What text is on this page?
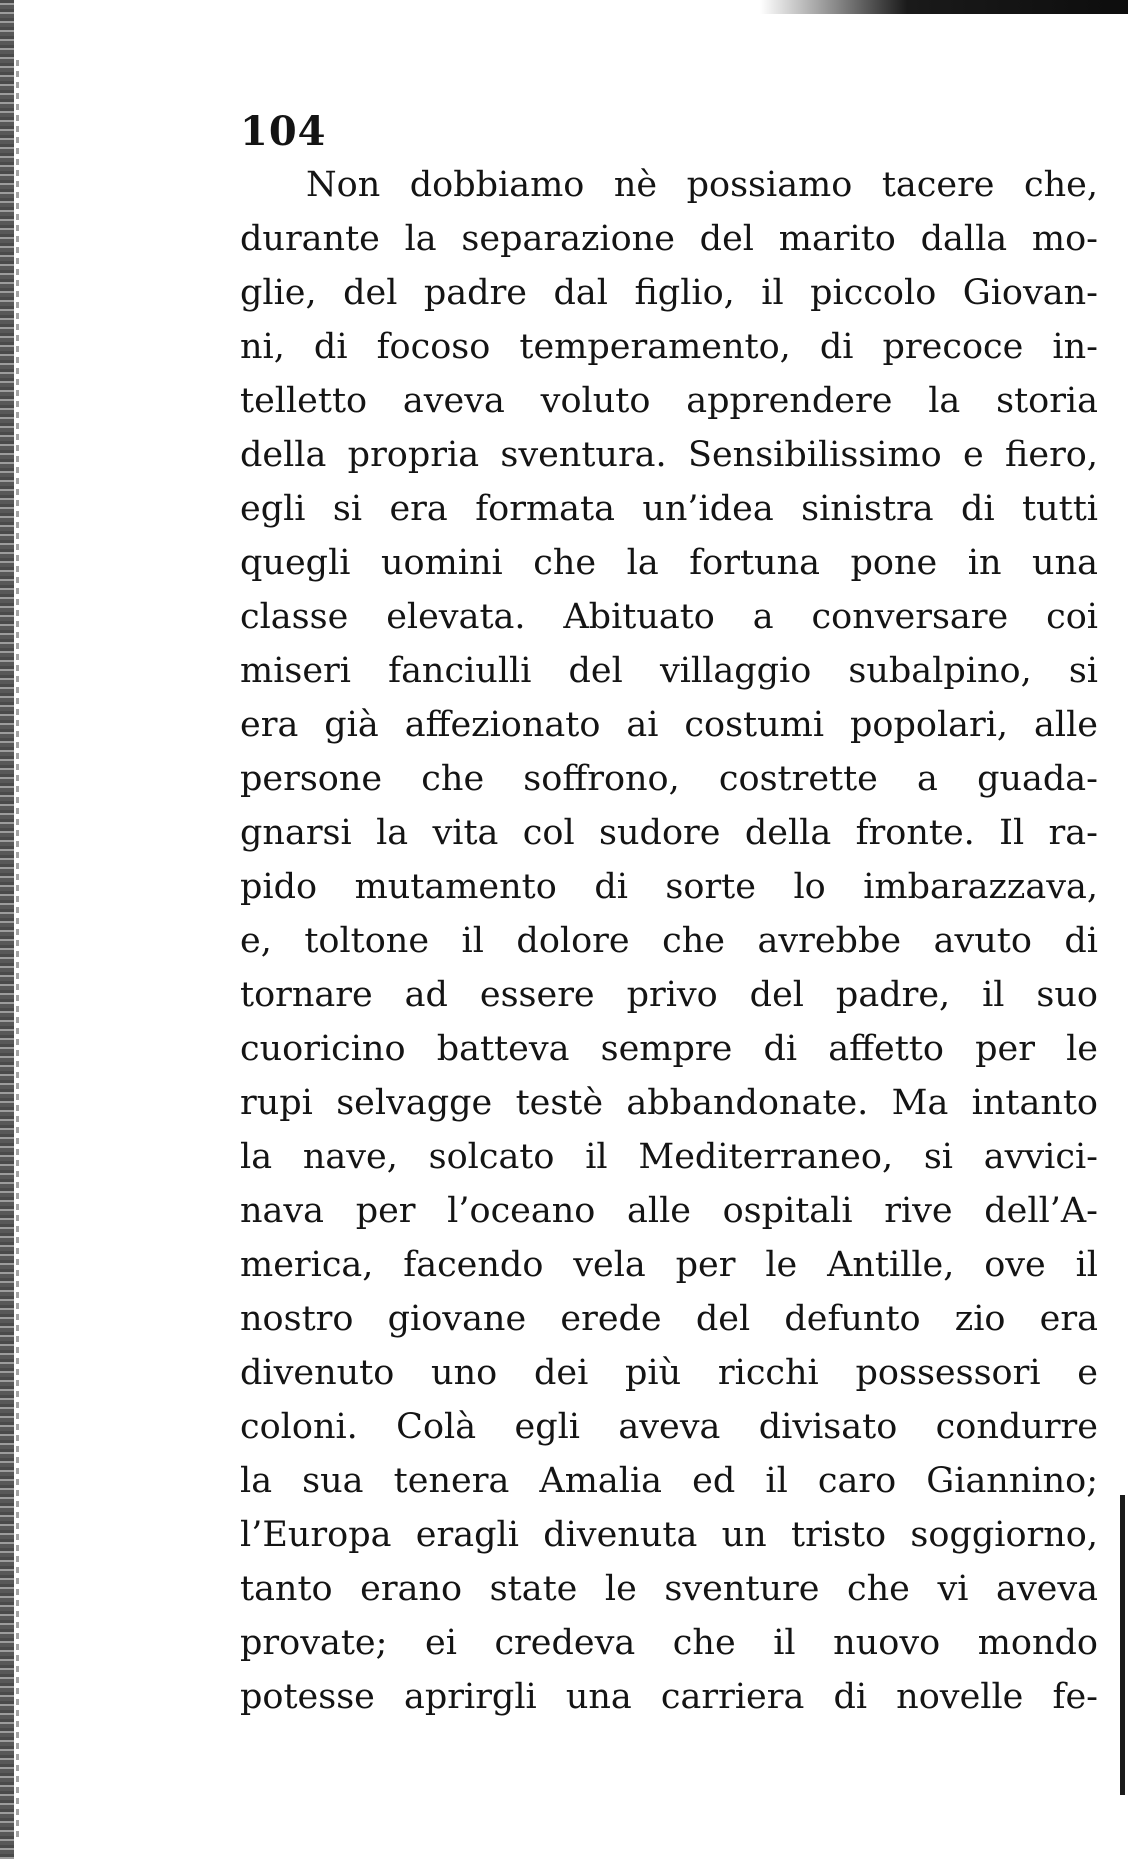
104
Non dobbiamo nè possiamo tacere che,
durante la separazione del marito dalla mo-
glie, del padre dal figlio, il piccolo Giovan-
ni, di focoso temperamento, di precoce in-
telletto aveva voluto apprendere la storia
della propria sventura. Sensibilissimo e fiero,
egli si era formata un’idea sinistra di tutti
quegli uomini che la fortuna pone in una
classe elevata. Abituato a conversare coi
miseri fanciulli del villaggio subalpino, si
era già affezionato ai costumi popolari, alle
persone che soffrono, costrette a guada-
gnarsi la vita col sudore della fronte. Il ra-
pido mutamento di sorte lo imbarazzava,
e, toltone il dolore che avrebbe avuto di
tornare ad essere privo del padre, il suo
cuoricino batteva sempre di affetto per le
rupi selvagge testè abbandonate. Ma intanto
la nave, solcato il Mediterraneo, si avvici-
nava per l’oceano alle ospitali rive dell’A-
merica, facendo vela per le Antille, ove il
nostro giovane erede del defunto zio era
divenuto uno dei più ricchi possessori e
coloni. Colà egli aveva divisato condurre
la sua tenera Amalia ed il caro Giannino;
l’Europa eragli divenuta un tristo soggiorno,
tanto erano state le sventure che vi aveva
provate; ei credeva che il nuovo mondo
potesse aprirgli una carriera di novelle fe-
